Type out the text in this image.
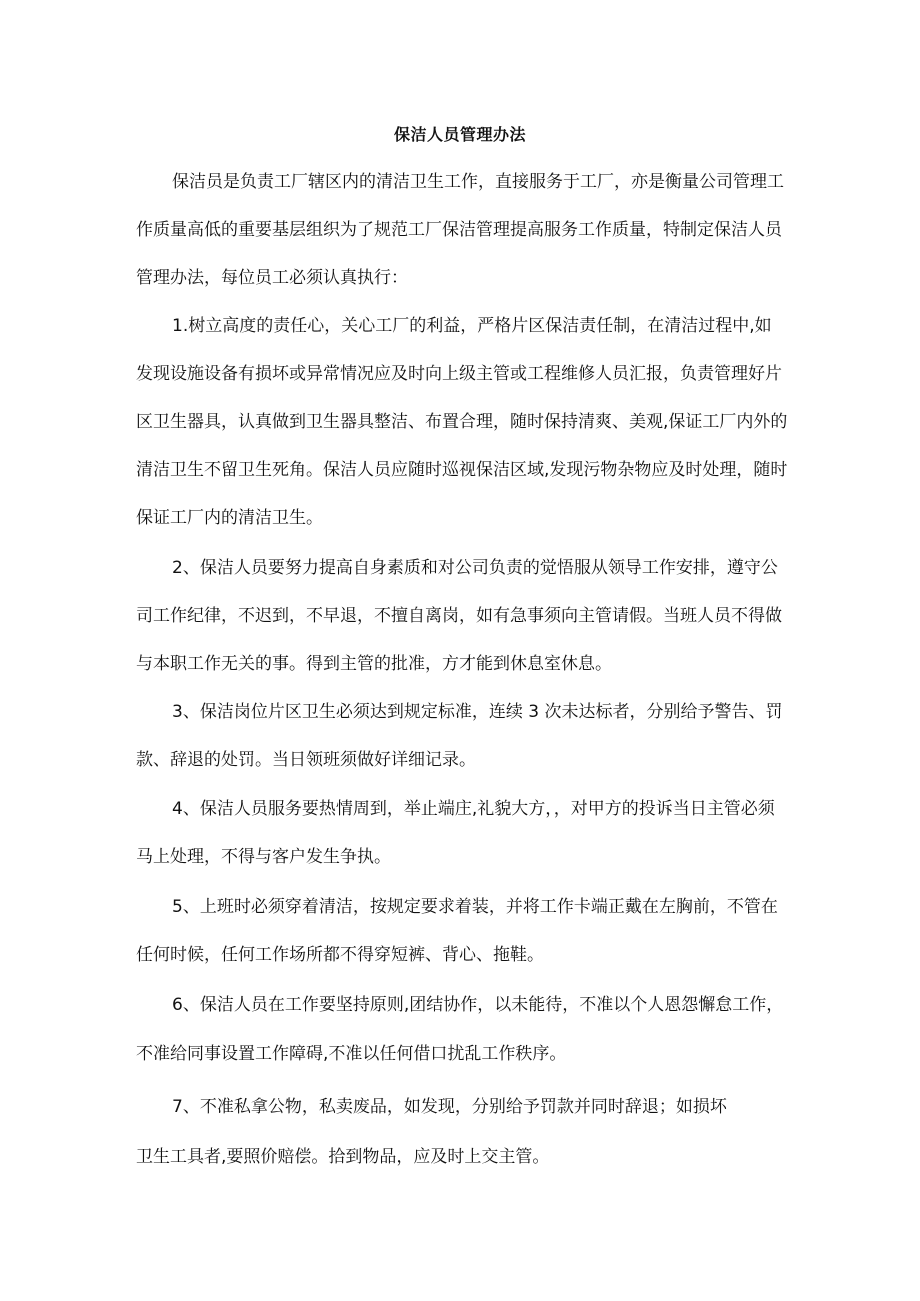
保洁人员管理办法
保洁员是负责工厂辖区内的清洁卫生工作，直接服务于工厂，亦是衡量公司管理工
作质量高低的重要基层组织为了规范工厂保洁管理提高服务工作质量，特制定保洁人员
管理办法，每位员工必须认真执行：
1.树立高度的责任心，关心工厂的利益，严格片区保洁责任制，在清洁过程中,如
发现设施设备有损坏或异常情况应及时向上级主管或工程维修人员汇报，负责管理好片
区卫生器具，认真做到卫生器具整洁、布置合理，随时保持清爽、美观,保证工厂内外的
清洁卫生不留卫生死角。保洁人员应随时巡视保洁区域,发现污物杂物应及时处理，随时
保证工厂内的清洁卫生。
2、保洁人员要努力提高自身素质和对公司负责的觉悟服从领导工作安排，遵守公
司工作纪律，不迟到，不早退，不擅自离岗，如有急事须向主管请假。当班人员不得做
与本职工作无关的事。得到主管的批准，方才能到休息室休息。
3、保洁岗位片区卫生必须达到规定标准，连续 3 次未达标者，分别给予警告、罚
款、辞退的处罚。当日领班须做好详细记录。
4、保洁人员服务要热情周到，举止端庄,礼貌大方，，对甲方的投诉当日主管必须
马上处理，不得与客户发生争执。
5、上班时必须穿着清洁，按规定要求着装，并将工作卡端正戴在左胸前，不管在
任何时候，任何工作场所都不得穿短裤、背心、拖鞋。
6、保洁人员在工作要坚持原则,团结协作，以未能待，不准以个人恩怨懈怠工作，
不准给同事设置工作障碍,不准以任何借口扰乱工作秩序。
7、不准私拿公物，私卖废品，如发现，分别给予罚款并同时辞退；如损坏
卫生工具者,要照价赔偿。拾到物品，应及时上交主管。
